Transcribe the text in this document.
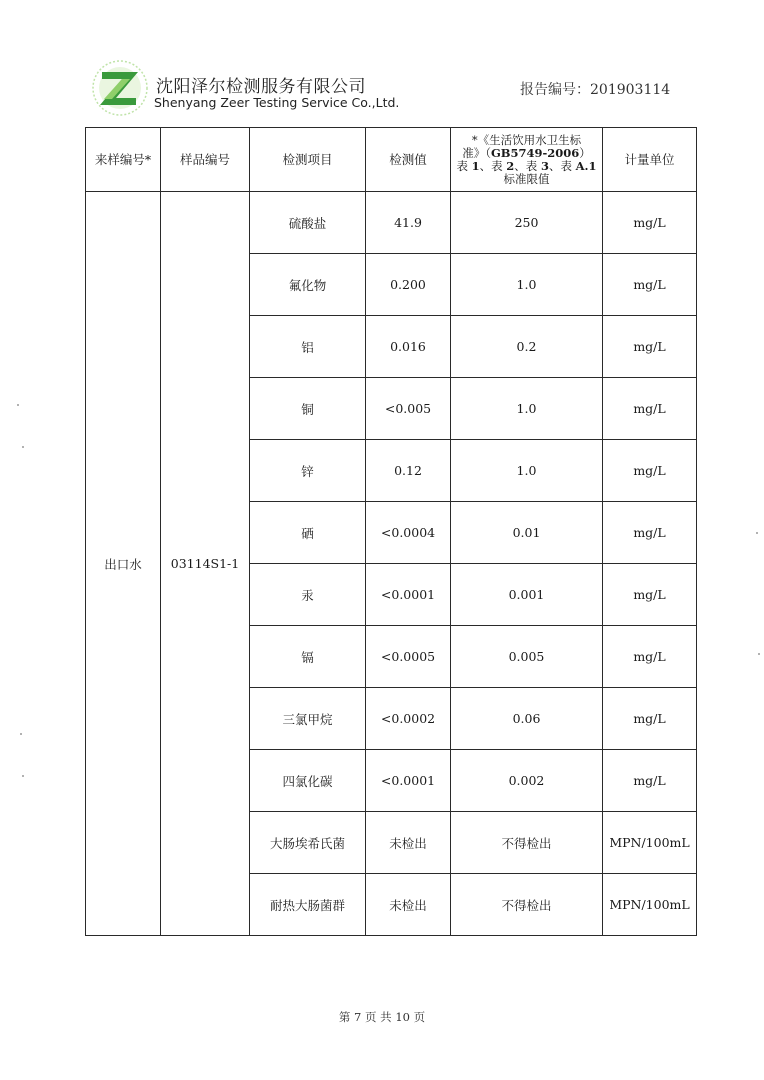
沈阳泽尔检测服务有限公司
Shenyang Zeer Testing Service Co.,Ltd.
报告编号：201903114
来样编号*	样品编号	检测项目	检测值	*《生活饮用水卫生标
准》（GB5749-2006）
表 1、表 2、表 3、表 A.1
标准限值	计量单位
出口水	03114S1-1	硫酸盐	41.9	250	mg/L
		氟化物	0.200	1.0	mg/L
		铝	0.016	0.2	mg/L
		铜	<0.005	1.0	mg/L
		锌	0.12	1.0	mg/L
		硒	<0.0004	0.01	mg/L
		汞	<0.0001	0.001	mg/L
		镉	<0.0005	0.005	mg/L
		三氯甲烷	<0.0002	0.06	mg/L
		四氯化碳	<0.0001	0.002	mg/L
		大肠埃希氏菌	未检出	不得检出	MPN/100mL
		耐热大肠菌群	未检出	不得检出	MPN/100mL
第 7 页 共 10 页
